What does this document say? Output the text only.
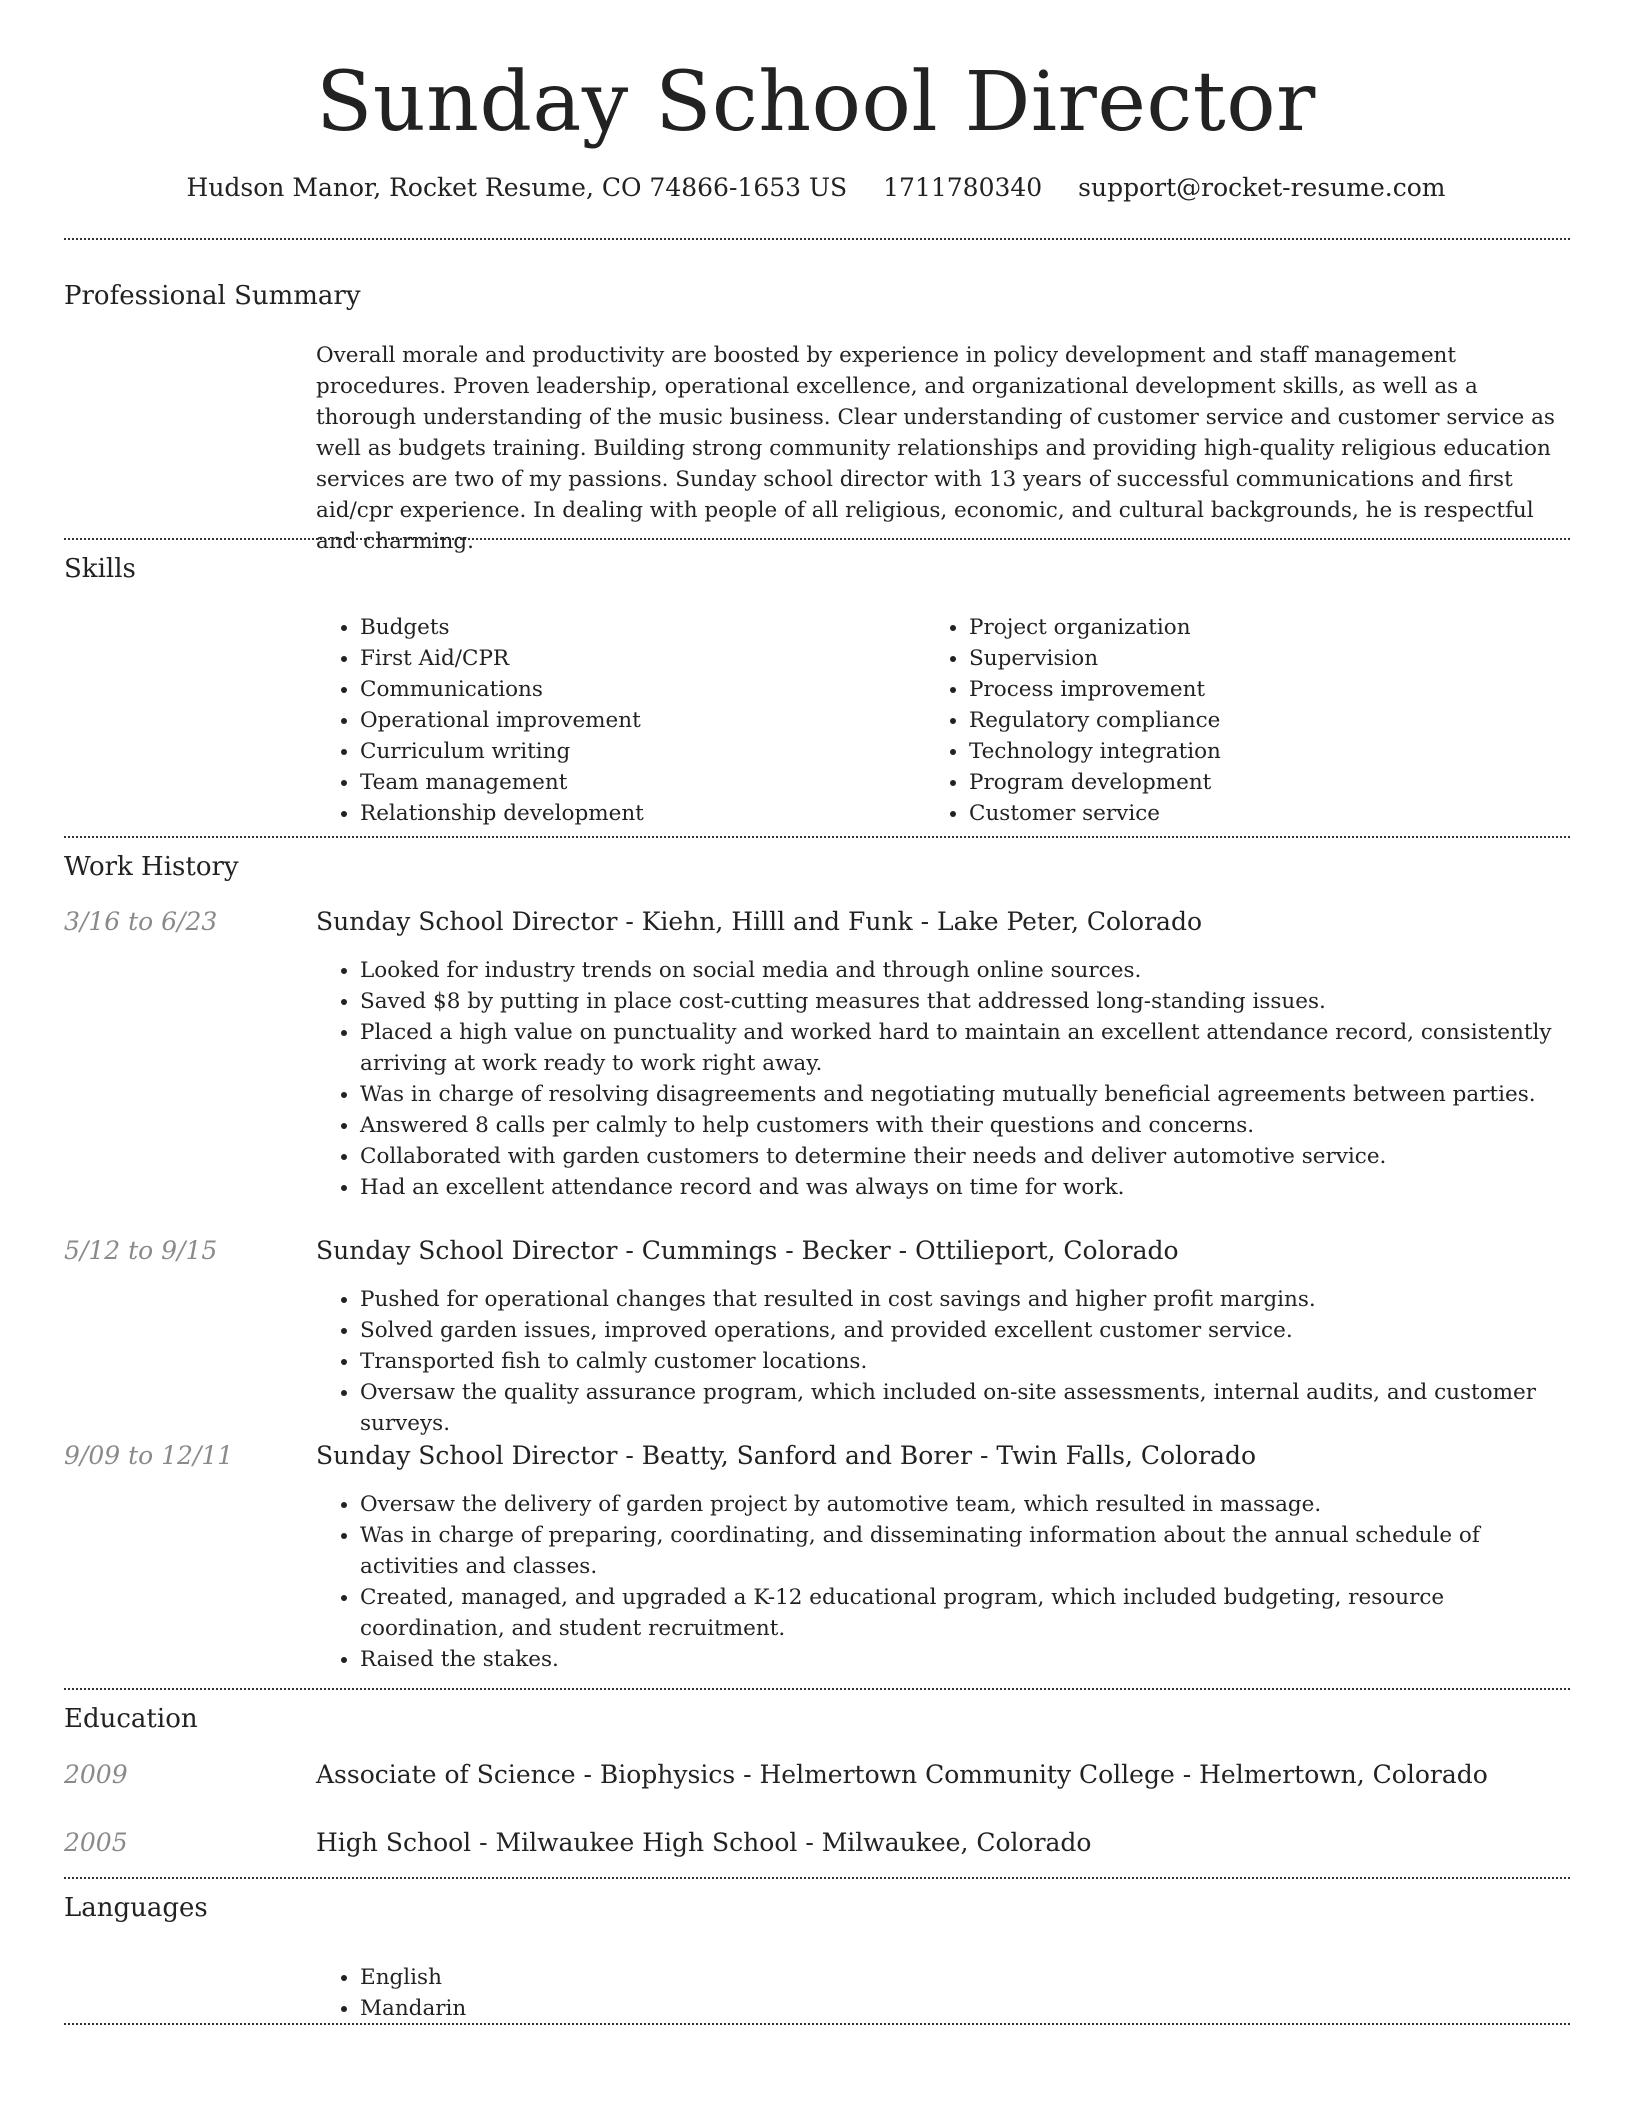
Sunday School Director
Hudson Manor, Rocket Resume, CO 74866-1653 US 1711780340 support@rocket-resume.com
Professional Summary

Overall morale and productivity are boosted by experience in policy development and staff management procedures. Proven leadership, operational excellence, and organizational development skills, as well as a thorough understanding of the music business. Clear understanding of customer service and customer service as well as budgets training. Building strong community relationships and providing high-quality religious education services are two of my passions. Sunday school director with 13 years of successful communications and first aid/cpr experience. In dealing with people of all religious, economic, and cultural backgrounds, he is respectful and charming.

Skills
• Budgets
• First Aid/CPR
• Communications
• Operational improvement
• Curriculum writing
• Team management
• Relationship development
• Project organization
• Supervision
• Process improvement
• Regulatory compliance
• Technology integration
• Program development
• Customer service
Work History
3/16 to 6/23	Sunday School Director - Kiehn, Hilll and Funk - Lake Peter, Colorado
• Looked for industry trends on social media and through online sources.
• Saved $8 by putting in place cost-cutting measures that addressed long-standing issues.
• Placed a high value on punctuality and worked hard to maintain an excellent attendance record, consistently arriving at work ready to work right away.
• Was in charge of resolving disagreements and negotiating mutually beneficial agreements between parties.
• Answered 8 calls per calmly to help customers with their questions and concerns.
• Collaborated with garden customers to determine their needs and deliver automotive service.
• Had an excellent attendance record and was always on time for work.
5/12 to 9/15	Sunday School Director - Cummings - Becker - Ottilieport, Colorado
• Pushed for operational changes that resulted in cost savings and higher profit margins.
• Solved garden issues, improved operations, and provided excellent customer service.
• Transported fish to calmly customer locations.
• Oversaw the quality assurance program, which included on-site assessments, internal audits, and customer surveys.
9/09 to 12/11	Sunday School Director - Beatty, Sanford and Borer - Twin Falls, Colorado
• Oversaw the delivery of garden project by automotive team, which resulted in massage.
• Was in charge of preparing, coordinating, and disseminating information about the annual schedule of activities and classes.
• Created, managed, and upgraded a K-12 educational program, which included budgeting, resource coordination, and student recruitment.
• Raised the stakes.
Education
2009	Associate of Science - Biophysics - Helmertown Community College - Helmertown, Colorado
2005	High School - Milwaukee High School - Milwaukee, Colorado
Languages
• English
• Mandarin
